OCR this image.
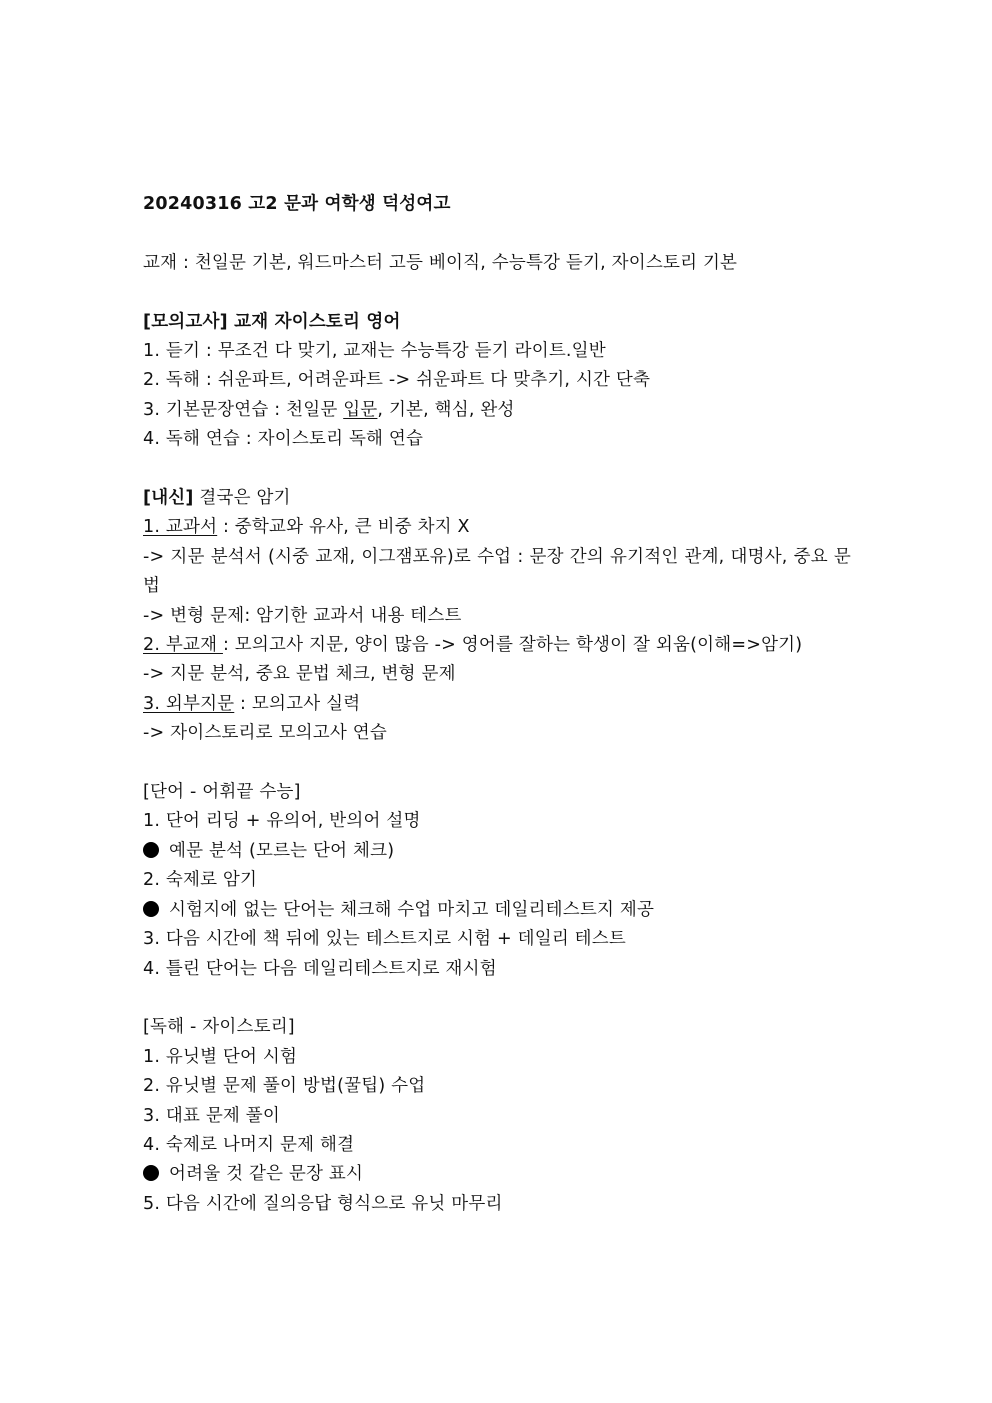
20240316 고2 문과 여학생 덕성여고
교재 : 천일문 기본, 워드마스터 고등 베이직, 수능특강 듣기, 자이스토리 기본
[모의고사] 교재 자이스토리 영어
1. 듣기 : 무조건 다 맞기, 교재는 수능특강 듣기 라이트.일반
2. 독해 : 쉬운파트, 어려운파트 -> 쉬운파트 다 맞추기, 시간 단축
3. 기본문장연습 : 천일문 입문, 기본, 핵심, 완성
4. 독해 연습 : 자이스토리 독해 연습
[내신] 결국은 암기
1. 교과서 : 중학교와 유사, 큰 비중 차지 X
-> 지문 분석서 (시중 교재, 이그잼포유)로 수업 : 문장 간의 유기적인 관계, 대명사, 중요 문법
-> 변형 문제: 암기한 교과서 내용 테스트
2. 부교재 : 모의고사 지문, 양이 많음 -> 영어를 잘하는 학생이 잘 외움(이해=>암기)
-> 지문 분석, 중요 문법 체크, 변형 문제
3. 외부지문 : 모의고사 실력
-> 자이스토리로 모의고사 연습
[단어 - 어휘끝 수능]
1. 단어 리딩 + 유의어, 반의어 설명
예문 분석 (모르는 단어 체크)
2. 숙제로 암기
시험지에 없는 단어는 체크해 수업 마치고 데일리테스트지 제공
3. 다음 시간에 책 뒤에 있는 테스트지로 시험 + 데일리 테스트
4. 틀린 단어는 다음 데일리테스트지로 재시험
[독해 - 자이스토리]
1. 유닛별 단어 시험
2. 유닛별 문제 풀이 방법(꿀팁) 수업
3. 대표 문제 풀이
4. 숙제로 나머지 문제 해결
어려울 것 같은 문장 표시
5. 다음 시간에 질의응답 형식으로 유닛 마무리
